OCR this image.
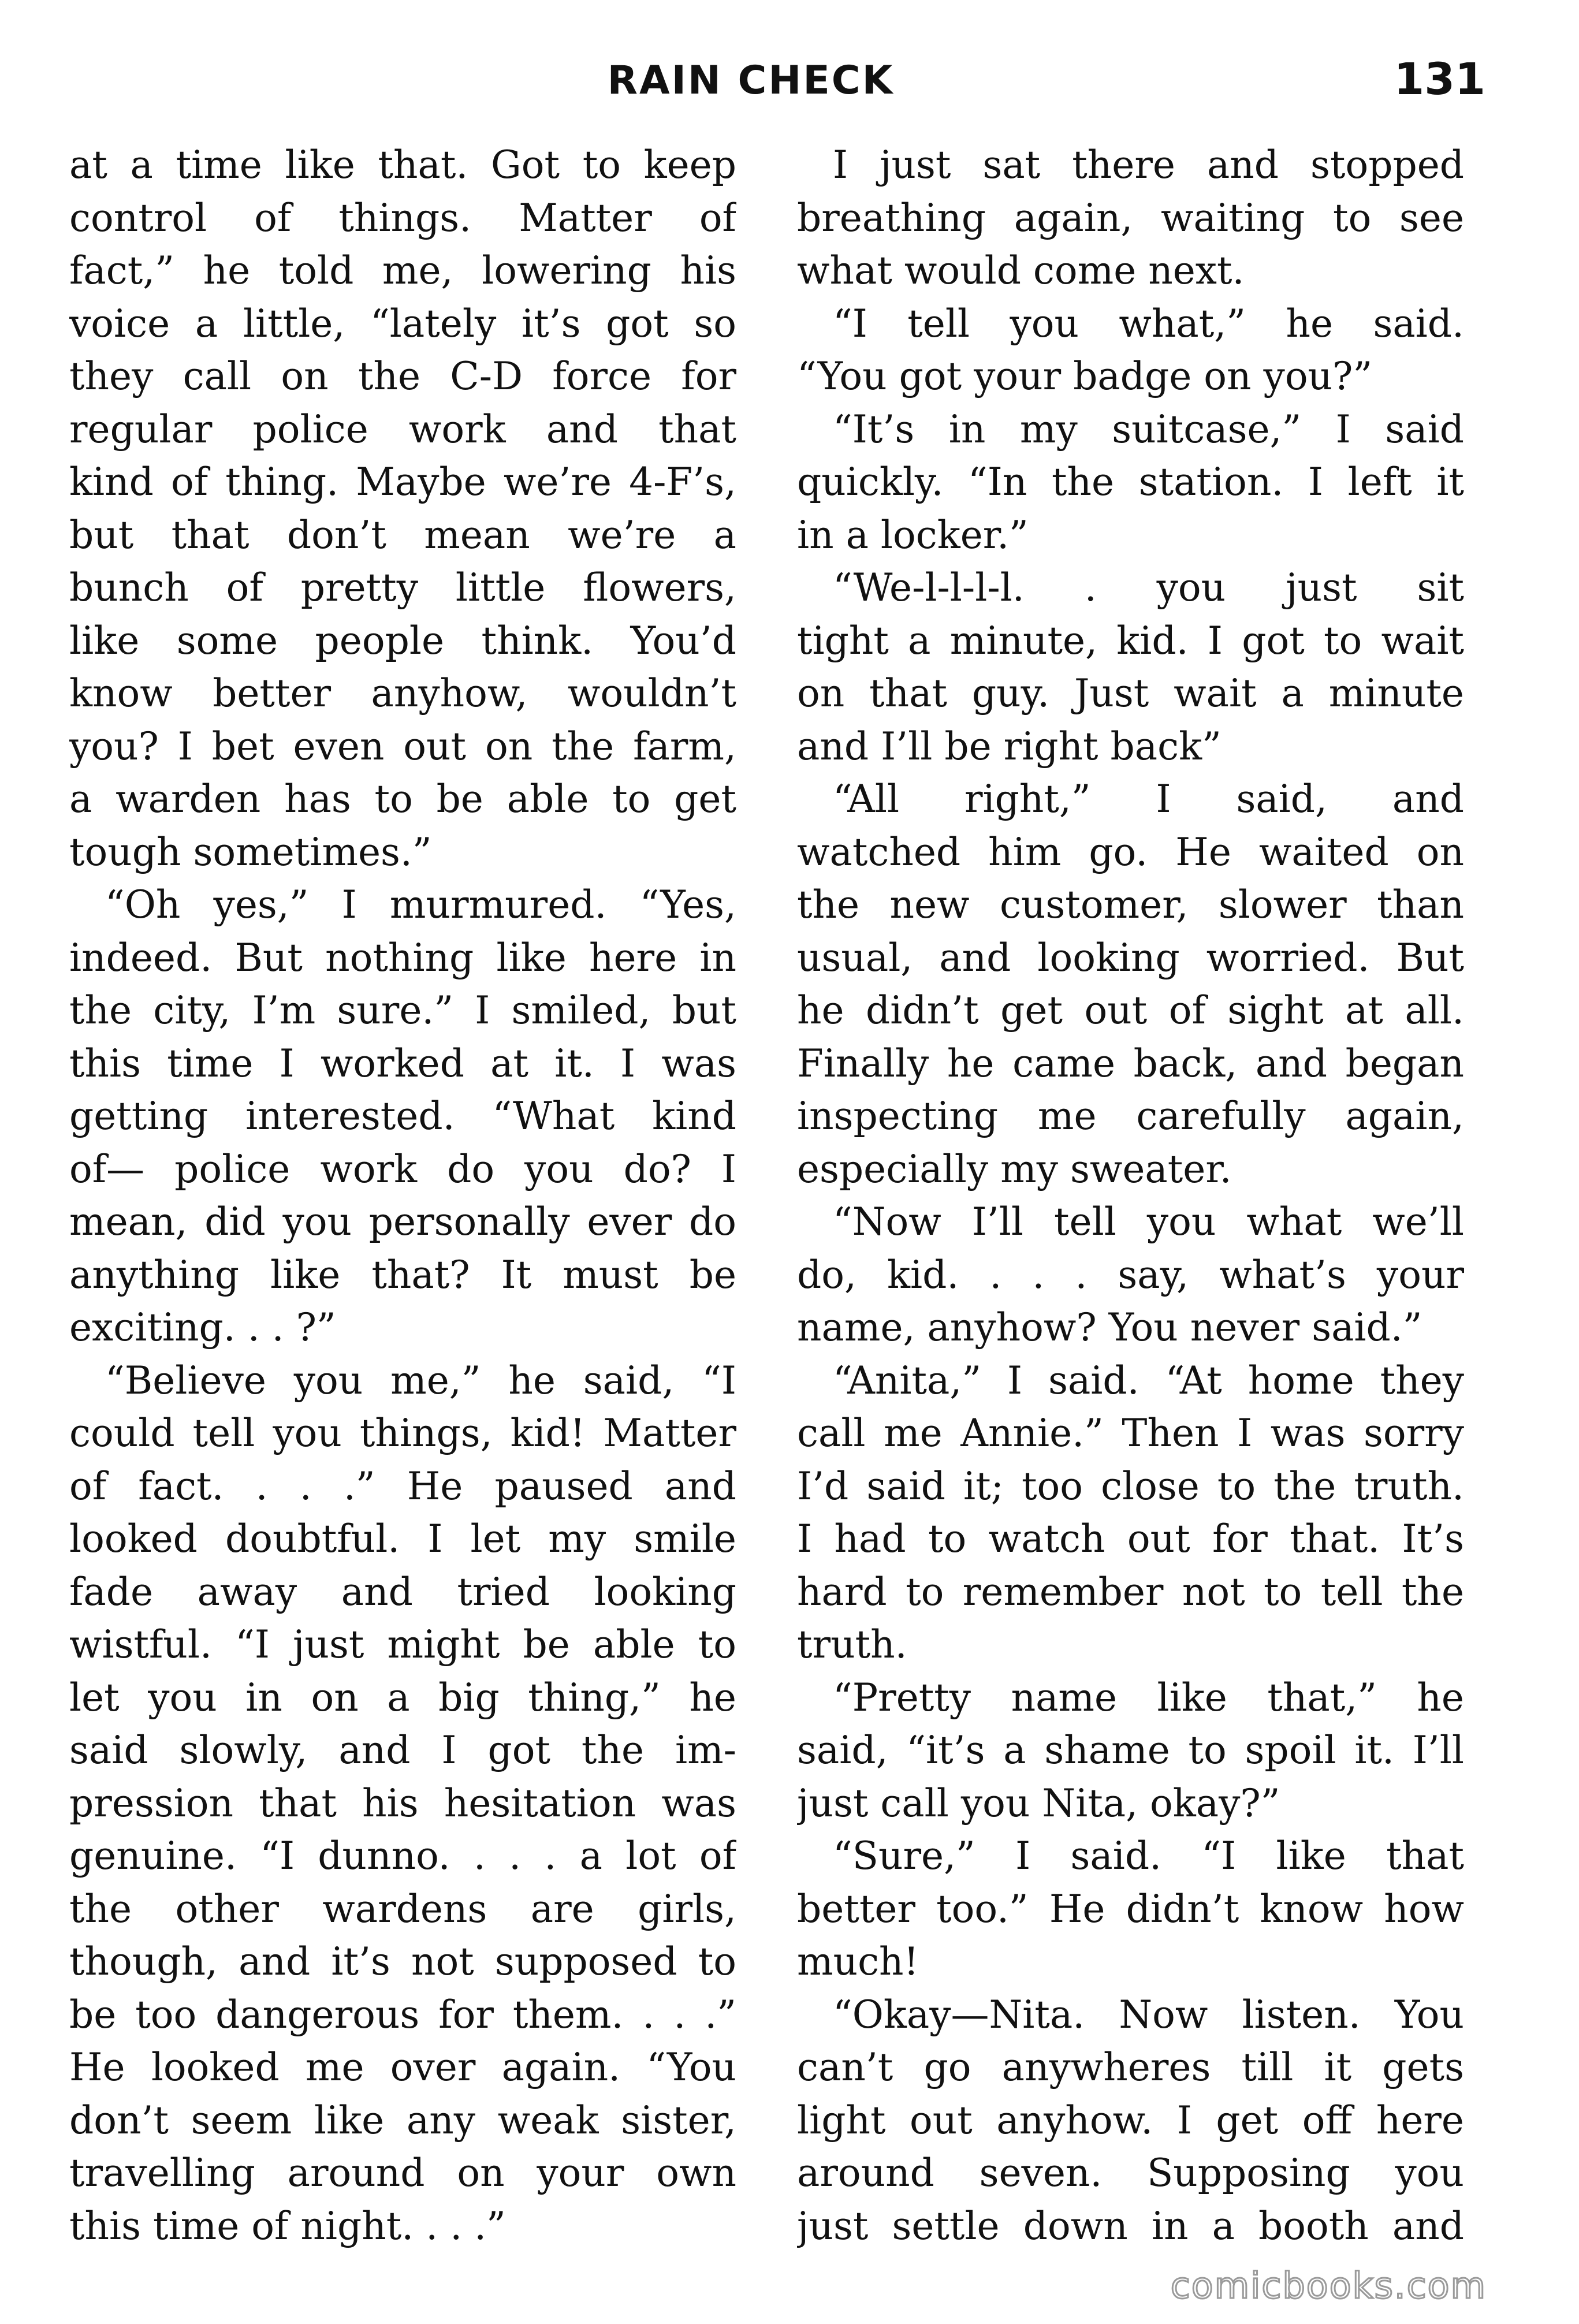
RAIN CHECK	131
at a time like that. Got to keep
control of things. Matter of
fact,” he told me, lowering his
voice a little, “lately it’s got so
they call on the C-D force for
regular police work and that
kind of thing. Maybe we’re 4-F’s,
but that don’t mean we’re a
bunch of pretty little flowers,
like some people think. You’d
know better anyhow, wouldn’t
you? I bet even out on the farm,
a warden has to be able to get
tough sometimes.”
“Oh yes,” I murmured. “Yes,
indeed. But nothing like here in
the city, I’m sure.” I smiled, but
this time I worked at it. I was
getting interested. “What kind
of— police work do you do? I
mean, did you personally ever do
anything like that? It must be
exciting. . . ?”
“Believe you me,” he said, “I
could tell you things, kid! Matter
of fact. . . .” He paused and
looked doubtful. I let my smile
fade away and tried looking
wistful. “I just might be able to
let you in on a big thing,” he
said slowly, and I got the im-
pression that his hesitation was
genuine. “I dunno. . . . a lot of
the other wardens are girls,
though, and it’s not supposed to
be too dangerous for them. . . .”
He looked me over again. “You
don’t seem like any weak sister,
travelling around on your own
this time of night. . . .”
I just sat there and stopped
breathing again, waiting to see
what would come next.
“I tell you what,” he said.
“You got your badge on you?”
“It’s in my suitcase,” I said
quickly. “In the station. I left it
in a locker.”
“We-l-l-l-l. . you just sit
tight a minute, kid. I got to wait
on that guy. Just wait a minute
and I’ll be right back”
“All right,” I said, and
watched him go. He waited on
the new customer, slower than
usual, and looking worried. But
he didn’t get out of sight at all.
Finally he came back, and began
inspecting me carefully again,
especially my sweater.
“Now I’ll tell you what we’ll
do, kid. . . . say, what’s your
name, anyhow? You never said.”
“Anita,” I said. “At home they
call me Annie.” Then I was sorry
I’d said it; too close to the truth.
I had to watch out for that. It’s
hard to remember not to tell the
truth.
“Pretty name like that,” he
said, “it’s a shame to spoil it. I’ll
just call you Nita, okay?”
“Sure,” I said. “I like that
better too.” He didn’t know how
much!
“Okay—Nita. Now listen. You
can’t go anywheres till it gets
light out anyhow. I get off here
around seven. Supposing you
just settle down in a booth and
comicbooks.com
